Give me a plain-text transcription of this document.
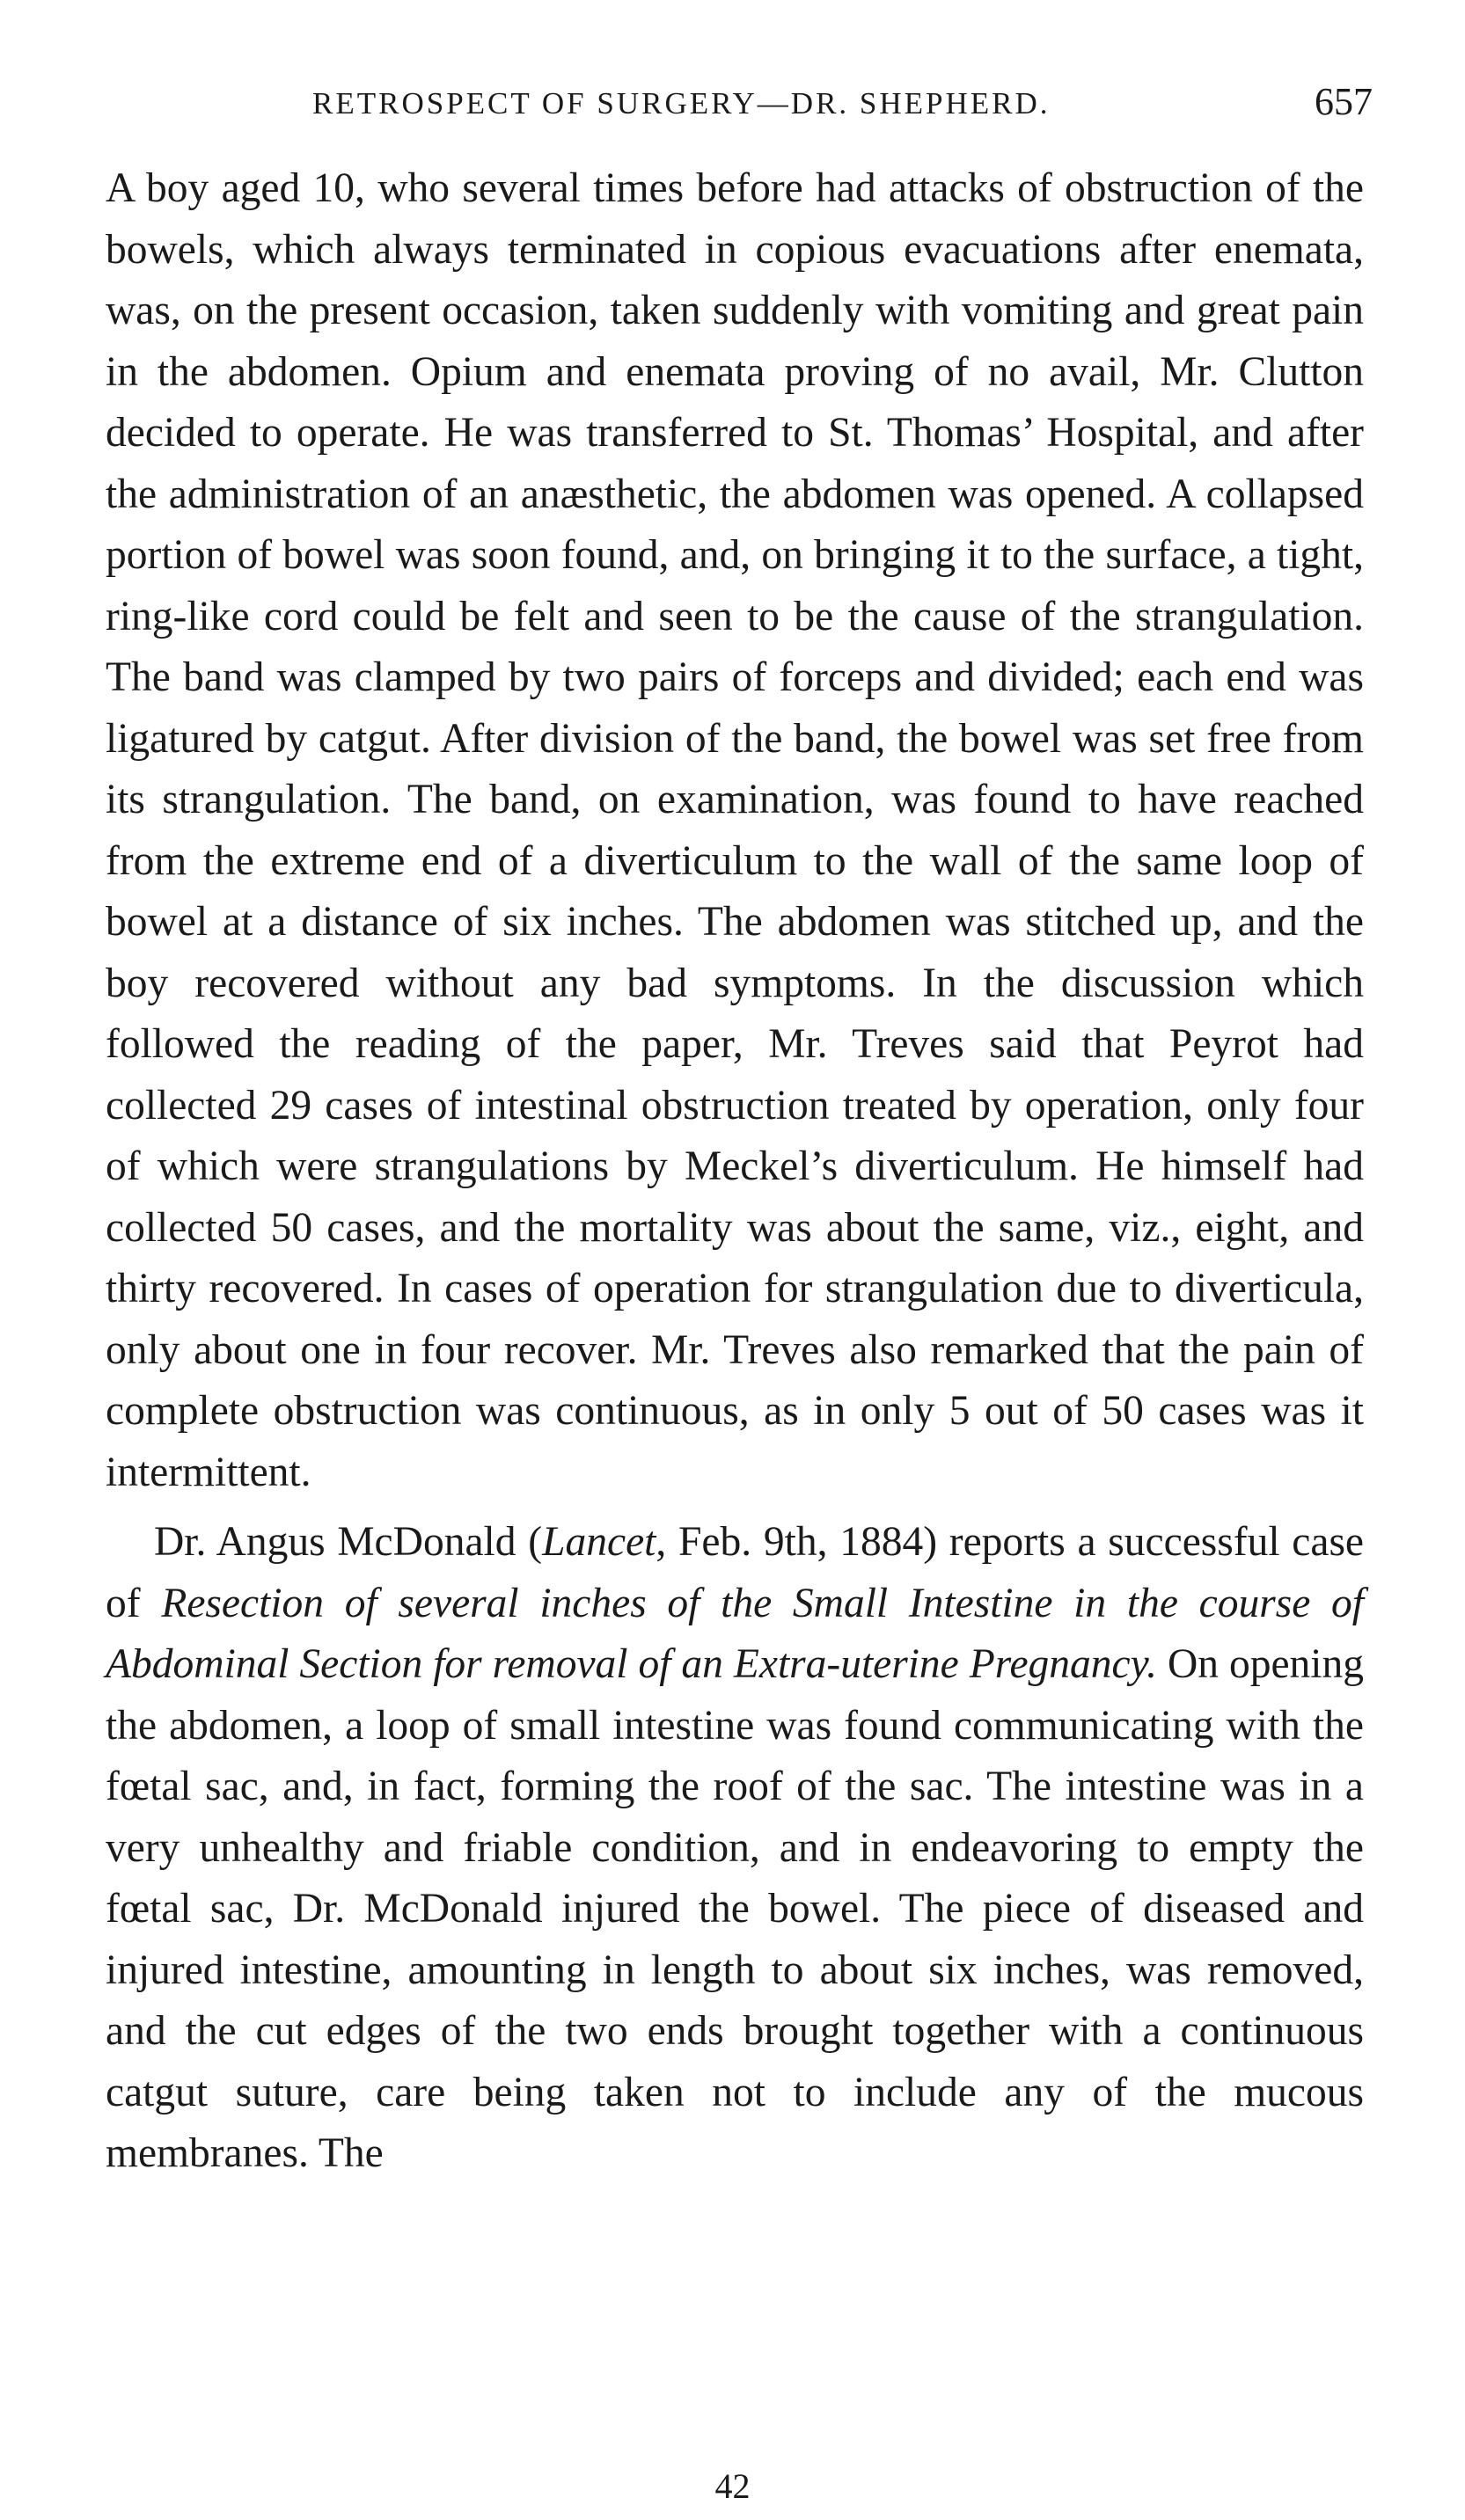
RETROSPECT OF SURGERY—DR. SHEPHERD.	657

A boy aged 10, who several times before had attacks of obstruction of the bowels, which always terminated in copious evacuations after enemata, was, on the present occasion, taken suddenly with vomiting and great pain in the abdomen. Opium and enemata proving of no avail, Mr. Clutton decided to operate. He was transferred to St. Thomas’ Hospital, and after the administration of an anæsthetic, the abdomen was opened. A collapsed portion of bowel was soon found, and, on bringing it to the surface, a tight, ring-like cord could be felt and seen to be the cause of the strangulation. The band was clamped by two pairs of forceps and divided; each end was ligatured by catgut. After division of the band, the bowel was set free from its strangulation. The band, on examination, was found to have reached from the extreme end of a diverticulum to the wall of the same loop of bowel at a distance of six inches. The abdomen was stitched up, and the boy recovered without any bad symptoms. In the discussion which followed the reading of the paper, Mr. Treves said that Peyrot had collected 29 cases of intestinal obstruction treated by operation, only four of which were strangulations by Meckel’s diverticulum. He himself had collected 50 cases, and the mortality was about the same, viz., eight, and thirty recovered. In cases of operation for strangulation due to diverticula, only about one in four recover. Mr. Treves also remarked that the pain of complete obstruction was continuous, as in only 5 out of 50 cases was it intermittent.

Dr. Angus McDonald (Lancet, Feb. 9th, 1884) reports a successful case of Resection of several inches of the Small Intestine in the course of Abdominal Section for removal of an Extra-uterine Pregnancy. On opening the abdomen, a loop of small intestine was found communicating with the fœtal sac, and, in fact, forming the roof of the sac. The intestine was in a very unhealthy and friable condition, and in endeavoring to empty the fœtal sac, Dr. McDonald injured the bowel. The piece of diseased and injured intestine, amounting in length to about six inches, was removed, and the cut edges of the two ends brought together with a continuous catgut suture, care being taken not to include any of the mucous membranes. The

42
